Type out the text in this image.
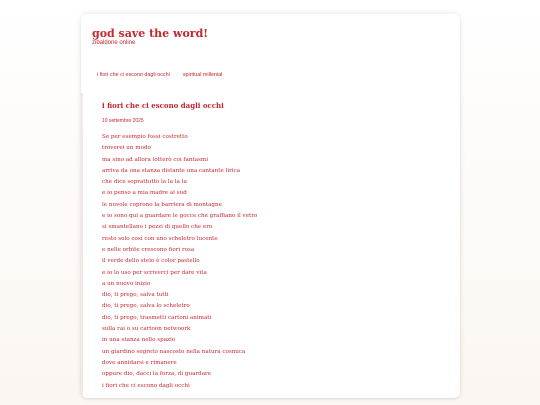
god save the word!
zibaldone online
i fiori che ci escono dagli occhi spiritual millenial
i fiori che ci escono dagli occhi
10 settembre 2025
Se per esempio fossi costretto
troverei un modo
ma sino ad allora lotterò coi fantasmi
arriva da una stanza distante una cantante lirica
che dice soprattutto la la la la
e io penso a mia madre al sud
le nuvole coprono la barriera di montagne
e io sono qui a guardare le gocce che graffiano il vetro
si smantellano i pezzi di quello che ero
resto solo così con uno scheletro lucente
e nelle orbite crescono fiori rosa
il verde dello stelo è color pastello
e io lo uso per scriverci per dare vita
a un nuovo inizio
dio, ti prego, salva tutti
dio, ti prego, salva lo scheletro
dio, ti prego, trasmetti cartoni animati
sulla rai o su cartoon netwoork
in una stanza nello spazio
un giardino segreto nascosto nella natura cosmica
dove annidarsi e rimanere
oppure dio, dacci la forza, di guardare
i fiori che ci escono dagli occhi
